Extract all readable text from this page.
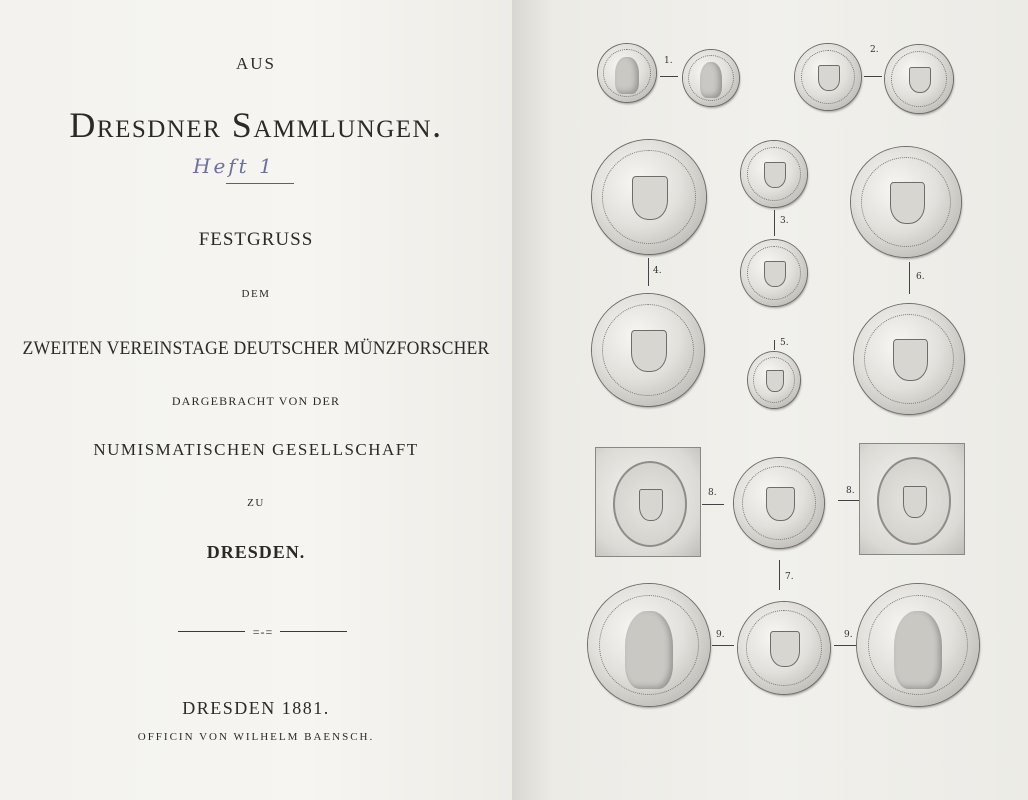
AUS
Dresdner Sammlungen.
Heft 1
FESTGRUSS
DEM
ZWEITEN VEREINSTAGE DEUTSCHER MÜNZFORSCHER
DARGEBRACHT VON DER
NUMISMATISCHEN GESELLSCHAFT
ZU
DRESDEN.
=-=
DRESDEN 1881.
OFFICIN VON WILHELM BAENSCH.
1.
2.
3.
4.
6.
5.
8.	8.
7.
9.	9.
